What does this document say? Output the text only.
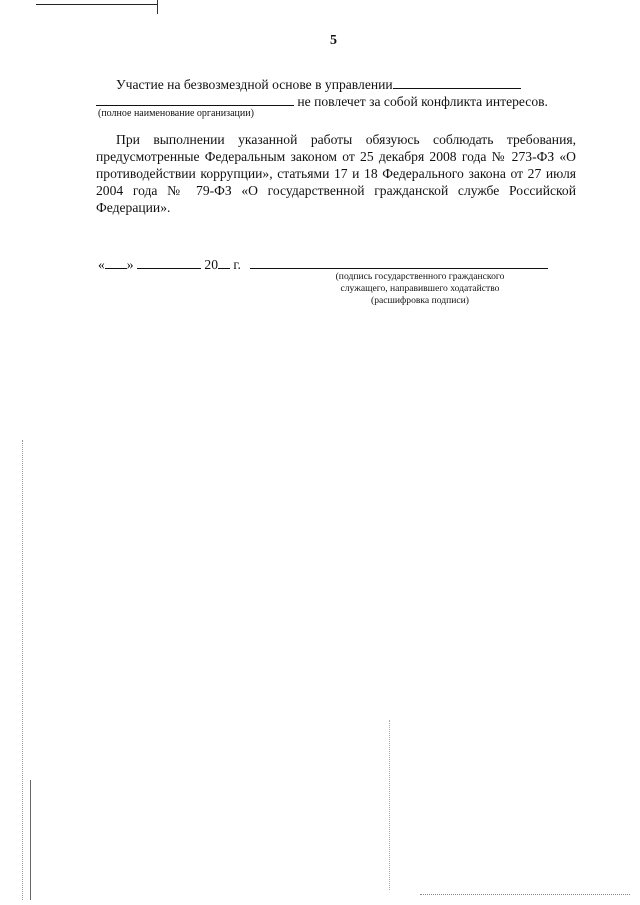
5

Участие на безвозмездной основе в управлении

не повлечет за собой конфликта интересов.

(полное наименование организации)

При выполнении указанной работы обязуюсь соблюдать требования, предусмотренные Федеральным законом от 25 декабря 2008 года № 273-ФЗ «О противодействии коррупции», статьями 17 и 18 Федерального закона от 27 июля 2004 года № 79-ФЗ «О государственной гражданской службе Российской Федерации».

« »	20 г.
(подпись государственного гражданского
служащего, направившего ходатайство
(расшифровка подписи)
